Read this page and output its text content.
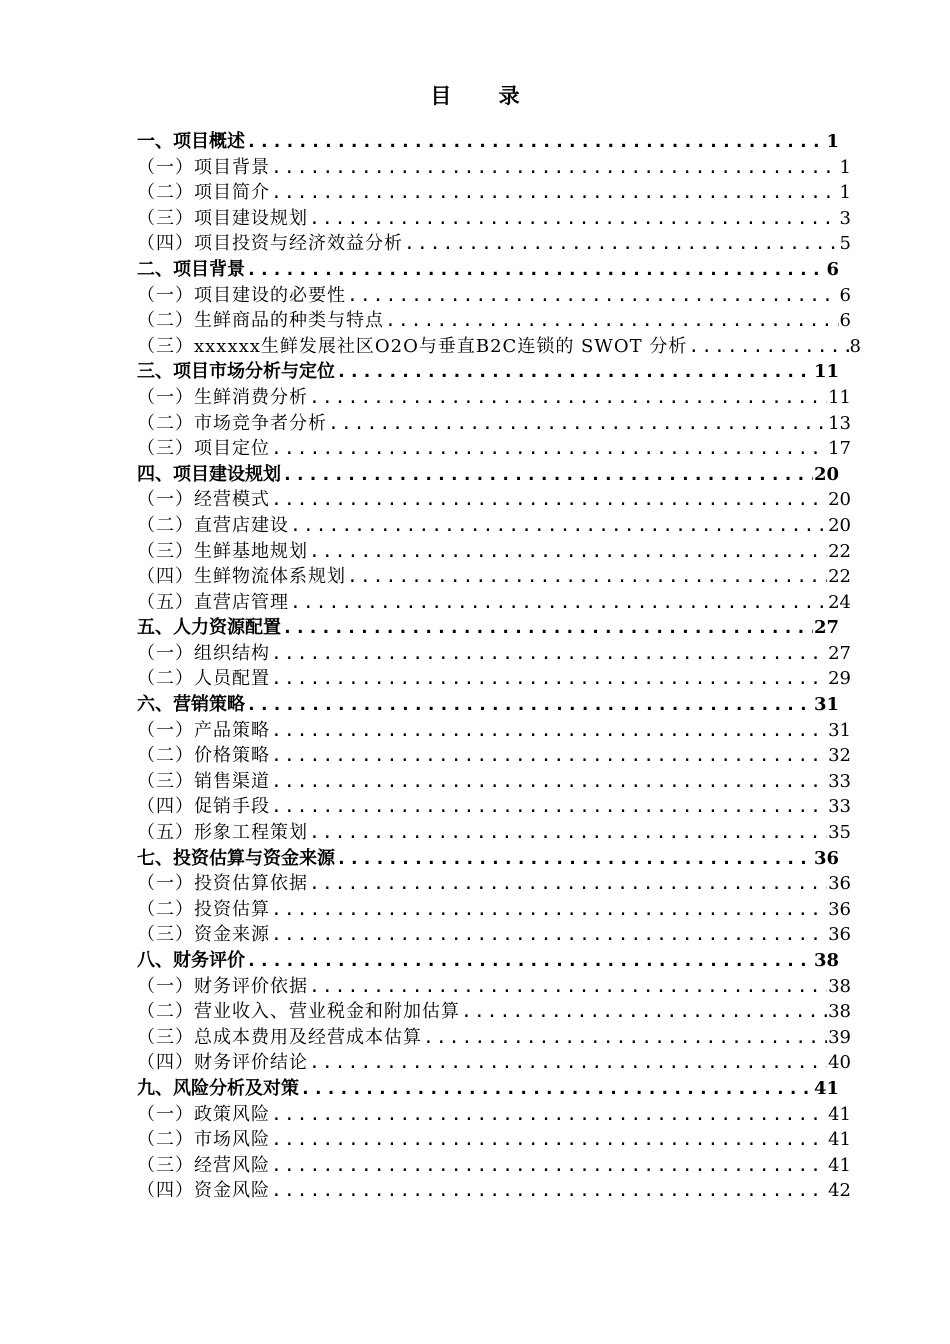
目 录
一、项目概述 .....	1
（一）项目背景 .....	1
（二）项目简介 .....	1
（三）项目建设规划 .....	3
（四）项目投资与经济效益分析 .....	5
二、项目背景 .....	6
（一）项目建设的必要性 .....	6
（二）生鲜商品的种类与特点 .....	6
（三）xxxxxx生鲜发展社区O2O与垂直B2C连锁的 SWOT 分析 .....	8
三、项目市场分析与定位 .....	11
（一）生鲜消费分析 .....	11
（二）市场竞争者分析 .....	13
（三）项目定位 .....	17
四、项目建设规划 .....	20
（一）经营模式 .....	20
（二）直营店建设 .....	20
（三）生鲜基地规划 .....	22
（四）生鲜物流体系规划 .....	22
（五）直营店管理 .....	24
五、人力资源配置 .....	27
（一）组织结构 .....	27
（二）人员配置 .....	29
六、营销策略 .....	31
（一）产品策略 .....	31
（二）价格策略 .....	32
（三）销售渠道 .....	33
（四）促销手段 .....	33
（五）形象工程策划 .....	35
七、投资估算与资金来源 .....	36
（一）投资估算依据 .....	36
（二）投资估算 .....	36
（三）资金来源 .....	36
八、财务评价 .....	38
（一）财务评价依据 .....	38
（二）营业收入、营业税金和附加估算 .....	38
（三）总成本费用及经营成本估算 .....	39
（四）财务评价结论 .....	40
九、风险分析及对策 .....	41
（一）政策风险 .....	41
（二）市场风险 .....	41
（三）经营风险 .....	41
（四）资金风险 .....	42
